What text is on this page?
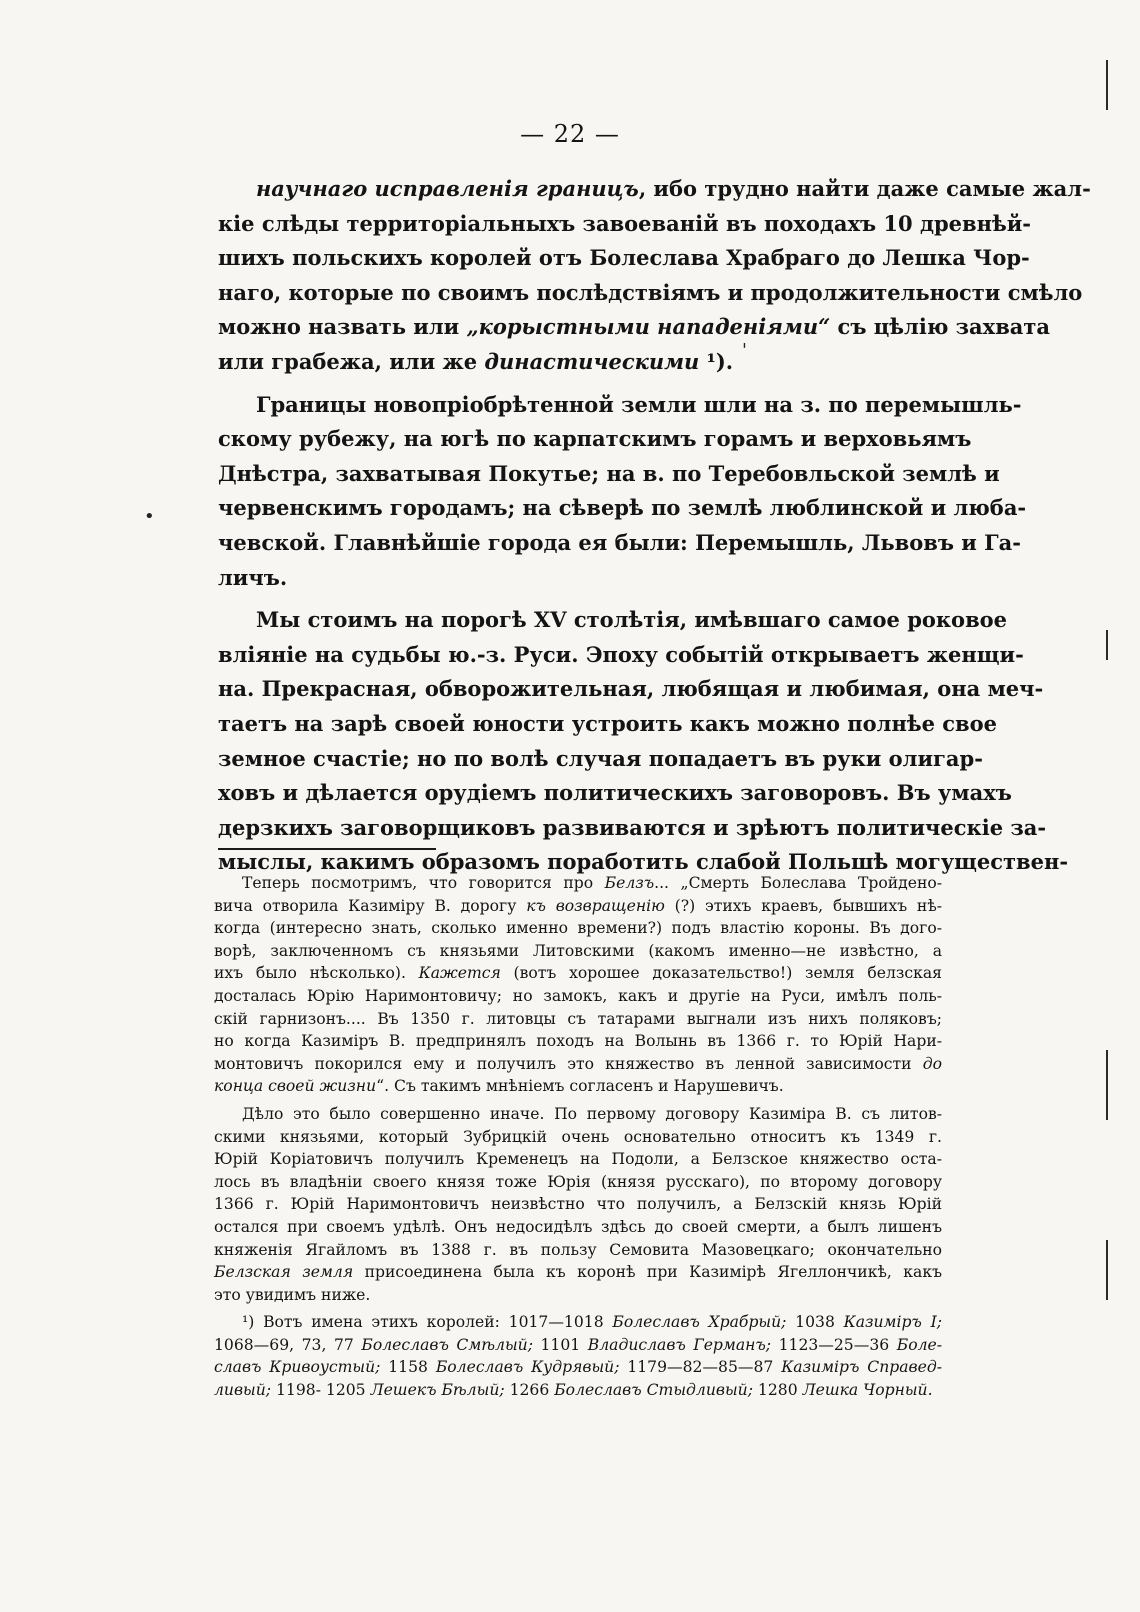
— 22 —
научнаго исправленія границъ, ибо трудно найти даже самые жал-
кіе слѣды территоріальныхъ завоеваній въ походахъ 10 древнѣй-
шихъ польскихъ королей отъ Болеслава Храбраго до Лешка Чор-
наго, которые по своимъ послѣдствіямъ и продолжительности смѣло
можно назвать или „корыстными нападеніями“ съ цѣлію захвата
или грабежа, или же династическими ¹).
Границы новопріобрѣтенной земли шли на з. по перемышль-
скому рубежу, на югѣ по карпатскимъ горамъ и верховьямъ
Днѣстра, захватывая Покутье; на в. по Теребовльской землѣ и
червенскимъ городамъ; на сѣверѣ по землѣ люблинской и люба-
чевской. Главнѣйшіе города ея были: Перемышль, Львовъ и Га-
личъ.
Мы стоимъ на порогѣ XV столѣтія, имѣвшаго самое роковое
вліяніе на судьбы ю.-з. Руси. Эпоху событій открываетъ женщи-
на. Прекрасная, обворожительная, любящая и любимая, она меч-
таетъ на зарѣ своей юности устроить какъ можно полнѣе свое
земное счастіе; но по волѣ случая попадаетъ въ руки олигар-
ховъ и дѣлается орудіемъ политическихъ заговоровъ. Въ умахъ
дерзкихъ заговорщиковъ развиваются и зрѣютъ политическіе за-
мыслы, какимъ образомъ поработить слабой Польшѣ могуществен-
Теперь посмотримъ, что говорится про Белзъ... „Смерть Болеслава Тройдено-
вича отворила Казиміру В. дорогу къ возвращенію (?) этихъ краевъ, бывшихъ нѣ-
когда (интересно знать, сколько именно времени?) подъ властію короны. Въ дого-
ворѣ, заключенномъ съ князьями Литовскими (какомъ именно—не извѣстно, а
ихъ было нѣсколько). Кажется (вотъ хорошее доказательство!) земля белзская
досталась Юрію Наримонтовичу; но замокъ, какъ и другіе на Руси, имѣлъ поль-
скій гарнизонъ.... Въ 1350 г. литовцы съ татарами выгнали изъ нихъ поляковъ;
но когда Казиміръ В. предпринялъ походъ на Волынь въ 1366 г. то Юрій Нари-
монтовичъ покорился ему и получилъ это княжество въ ленной зависимости до
конца своей жизни“. Съ такимъ мнѣніемъ согласенъ и Нарушевичъ.
Дѣло это было совершенно иначе. По первому договору Казиміра В. съ литов-
скими князьями, который Зубрицкій очень основательно относитъ къ 1349 г.
Юрій Коріатовичъ получилъ Кременецъ на Подоли, а Белзское княжество оста-
лось въ владѣніи своего князя тоже Юрія (князя русскаго), по второму договору
1366 г. Юрій Наримонтовичъ неизвѣстно что получилъ, а Белзскій князь Юрій
остался при своемъ удѣлѣ. Онъ недосидѣлъ здѣсь до своей смерти, а былъ лишенъ
княженія Ягайломъ въ 1388 г. въ пользу Семовита Мазовецкаго; окончательно
Белзская земля присоединена была къ коронѣ при Казимірѣ Ягеллончикѣ, какъ
это увидимъ ниже.
¹) Вотъ имена этихъ королей: 1017—1018 Болеславъ Храбрый; 1038 Казиміръ I;
1068—69, 73, 77 Болеславъ Смѣлый; 1101 Владиславъ Германъ; 1123—25—36 Боле-
славъ Кривоустый; 1158 Болеславъ Кудрявый; 1179—82—85—87 Казиміръ Справед-
ливый; 1198- 1205 Лешекъ Бѣлый; 1266 Болеславъ Стыдливый; 1280 Лешка Чорный.
•
'
